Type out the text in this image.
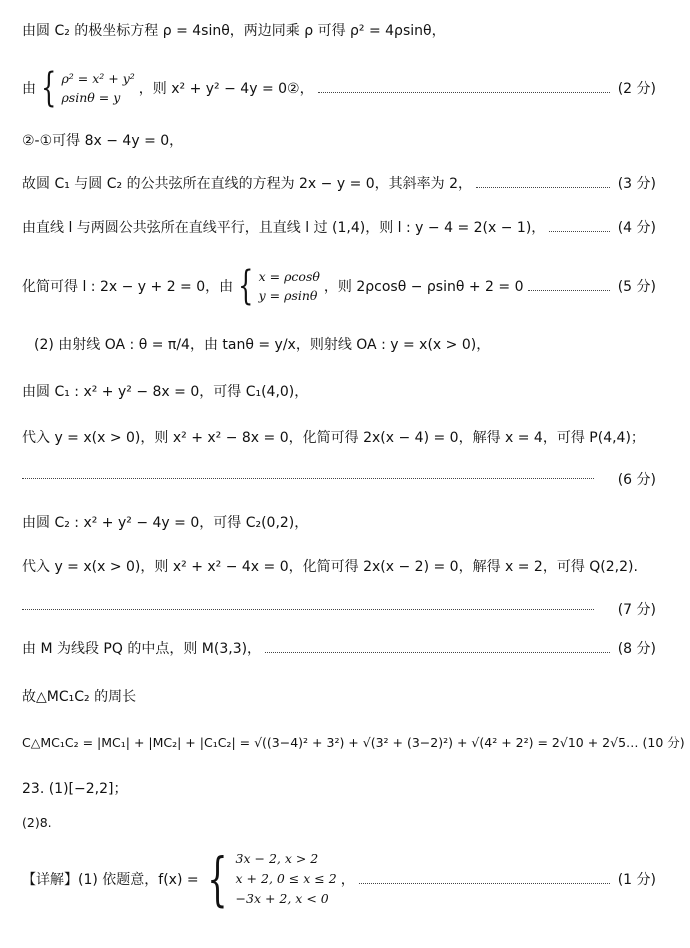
由圆 C₂ 的极坐标方程 ρ = 4sinθ，两边同乘 ρ 可得 ρ² = 4ρsinθ，
由 { ρ² = x² + y²
ρsinθ = y
，则 x² + y² − 4y = 0②，	(2 分)
②-①可得 8x − 4y = 0，
故圆 C₁ 与圆 C₂ 的公共弦所在直线的方程为 2x − y = 0，其斜率为 2，	(3 分)
由直线 l 与两圆公共弦所在直线平行，且直线 l 过 (1,4)，则 l : y − 4 = 2(x − 1)，	(4 分)
化简可得 l : 2x − y + 2 = 0，由 { x = ρcosθ
y = ρsinθ
，则 2ρcosθ − ρsinθ + 2 = 0	(5 分)
(2) 由射线 OA : θ = π/4，由 tanθ = y/x，则射线 OA : y = x(x > 0)，
由圆 C₁ : x² + y² − 8x = 0，可得 C₁(4,0)，
代入 y = x(x > 0)，则 x² + x² − 8x = 0，化简可得 2x(x − 4) = 0，解得 x = 4，可得 P(4,4)；
(6 分)
由圆 C₂ : x² + y² − 4y = 0，可得 C₂(0,2)，
代入 y = x(x > 0)，则 x² + x² − 4x = 0，化简可得 2x(x − 2) = 0，解得 x = 2，可得 Q(2,2).
(7 分)
由 M 为线段 PQ 的中点，则 M(3,3)，	(8 分)
故△MC₁C₂ 的周长
C△MC₁C₂ = |MC₁| + |MC₂| + |C₁C₂| = √((3−4)² + 3²) + √(3² + (3−2)²) + √(4² + 2²) = 2√10 + 2√5… (10 分)
23. (1)[−2,2]；
(2)8.
【详解】(1) 依题意，f(x) = { 3x − 2, x > 2
x + 2, 0 ≤ x ≤ 2
−3x + 2, x < 0
，	(1 分)
